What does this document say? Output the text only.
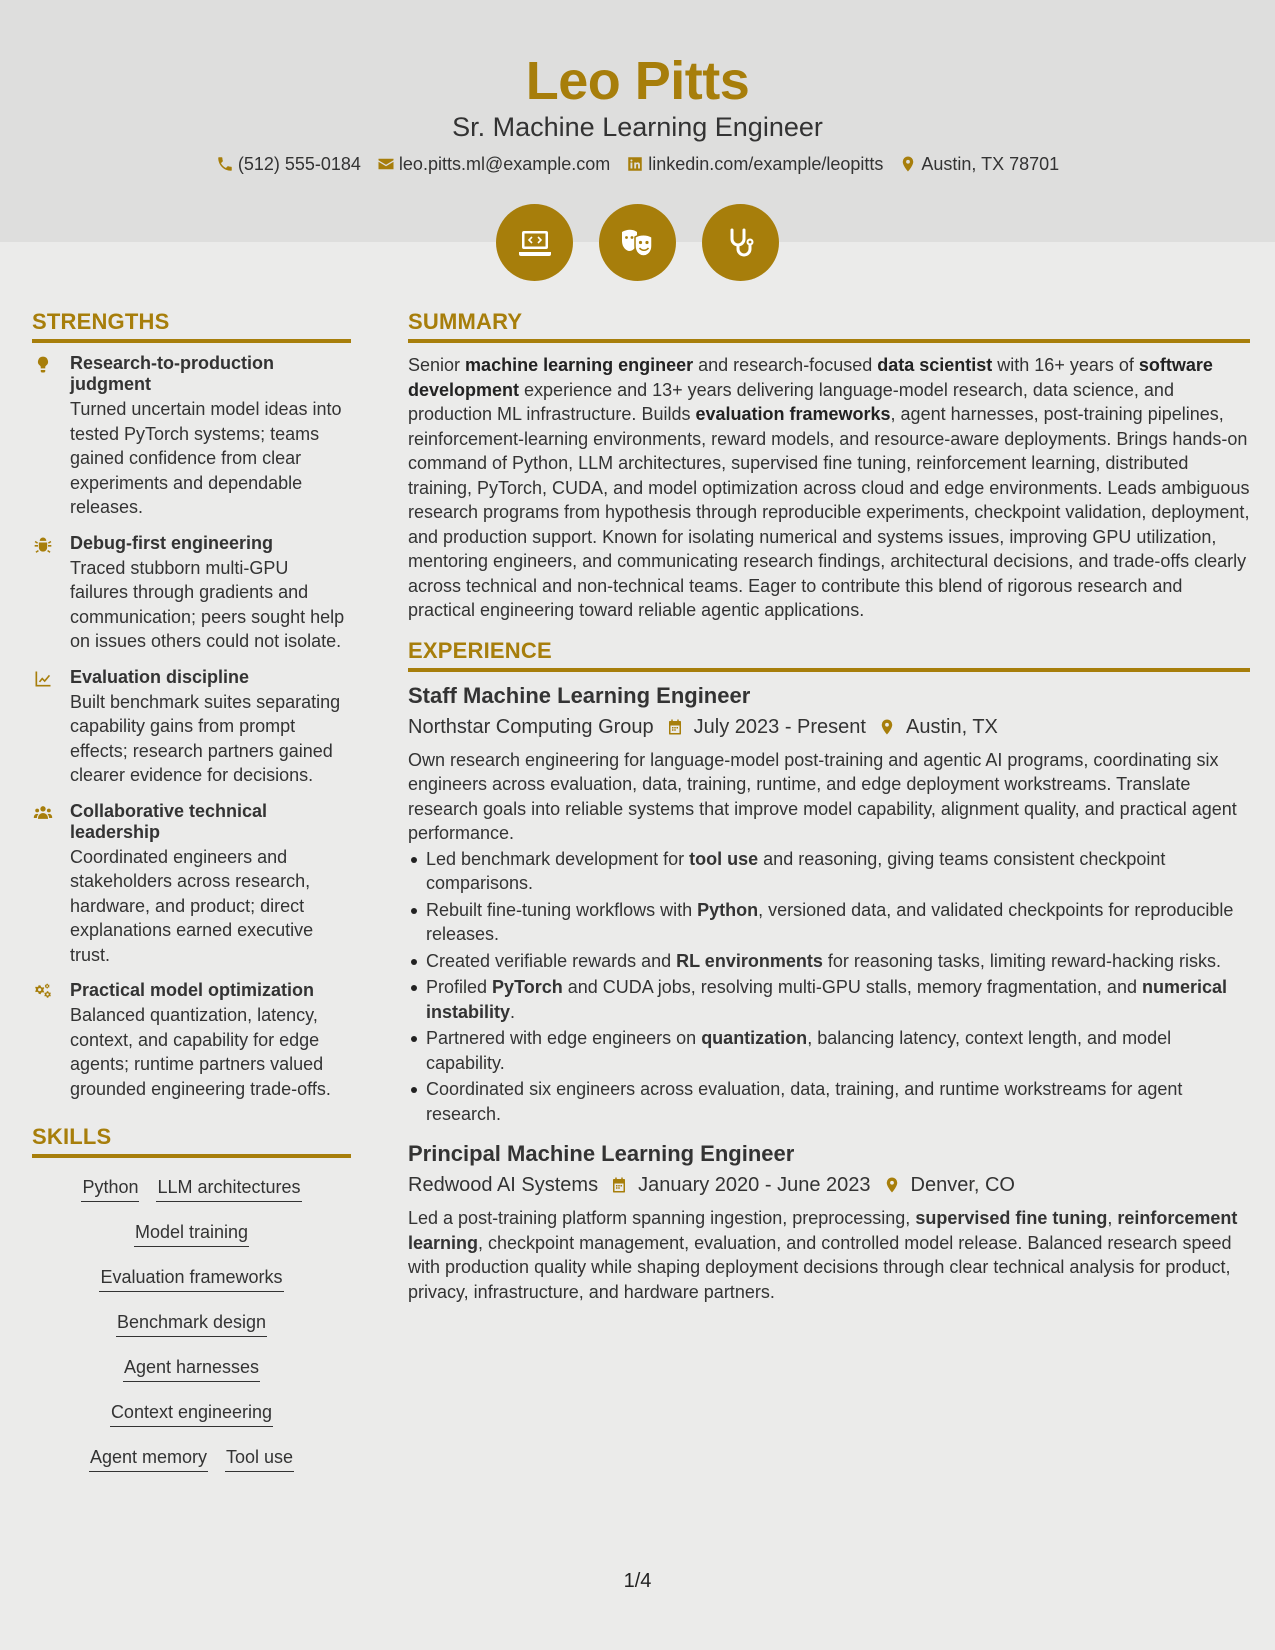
Leo Pitts
Sr. Machine Learning Engineer
(512) 555-0184 leo.pitts.ml@example.com linkedin.com/example/leopitts Austin, TX 78701
STRENGTHS
Research-to-production judgment
Turned uncertain model ideas into tested PyTorch systems; teams gained confidence from clear experiments and dependable releases.
Debug-first engineering
Traced stubborn multi-GPU failures through gradients and communication; peers sought help on issues others could not isolate.
Evaluation discipline
Built benchmark suites separating capability gains from prompt effects; research partners gained clearer evidence for decisions.
Collaborative technical leadership
Coordinated engineers and stakeholders across research, hardware, and product; direct explanations earned executive trust.
Practical model optimization
Balanced quantization, latency, context, and capability for edge agents; runtime partners valued grounded engineering trade-offs.
SKILLS
Python LLM architectures
Model training
Evaluation frameworks
Benchmark design
Agent harnesses
Context engineering
Agent memory Tool use
SUMMARY
Senior machine learning engineer and research-focused data scientist with 16+ years of software development experience and 13+ years delivering language-model research, data science, and production ML infrastructure. Builds evaluation frameworks, agent harnesses, post-training pipelines, reinforcement-learning environments, reward models, and resource-aware deployments. Brings hands-on command of Python, LLM architectures, supervised fine tuning, reinforcement learning, distributed training, PyTorch, CUDA, and model optimization across cloud and edge environments. Leads ambiguous research programs from hypothesis through reproducible experiments, checkpoint validation, deployment, and production support. Known for isolating numerical and systems issues, improving GPU utilization, mentoring engineers, and communicating research findings, architectural decisions, and trade-offs clearly across technical and non-technical teams. Eager to contribute this blend of rigorous research and practical engineering toward reliable agentic applications.
EXPERIENCE
Staff Machine Learning Engineer
Northstar Computing Group July 2023 - Present Austin, TX
Own research engineering for language-model post-training and agentic AI programs, coordinating six engineers across evaluation, data, training, runtime, and edge deployment workstreams. Translate research goals into reliable systems that improve model capability, alignment quality, and practical agent performance.
Led benchmark development for tool use and reasoning, giving teams consistent checkpoint comparisons.
Rebuilt fine-tuning workflows with Python, versioned data, and validated checkpoints for reproducible releases.
Created verifiable rewards and RL environments for reasoning tasks, limiting reward-hacking risks.
Profiled PyTorch and CUDA jobs, resolving multi-GPU stalls, memory fragmentation, and numerical instability.
Partnered with edge engineers on quantization, balancing latency, context length, and model capability.
Coordinated six engineers across evaluation, data, training, and runtime workstreams for agent research.
Principal Machine Learning Engineer
Redwood AI Systems January 2020 - June 2023 Denver, CO
Led a post-training platform spanning ingestion, preprocessing, supervised fine tuning, reinforcement learning, checkpoint management, evaluation, and controlled model release. Balanced research speed with production quality while shaping deployment decisions through clear technical analysis for product, privacy, infrastructure, and hardware partners.
1/4
